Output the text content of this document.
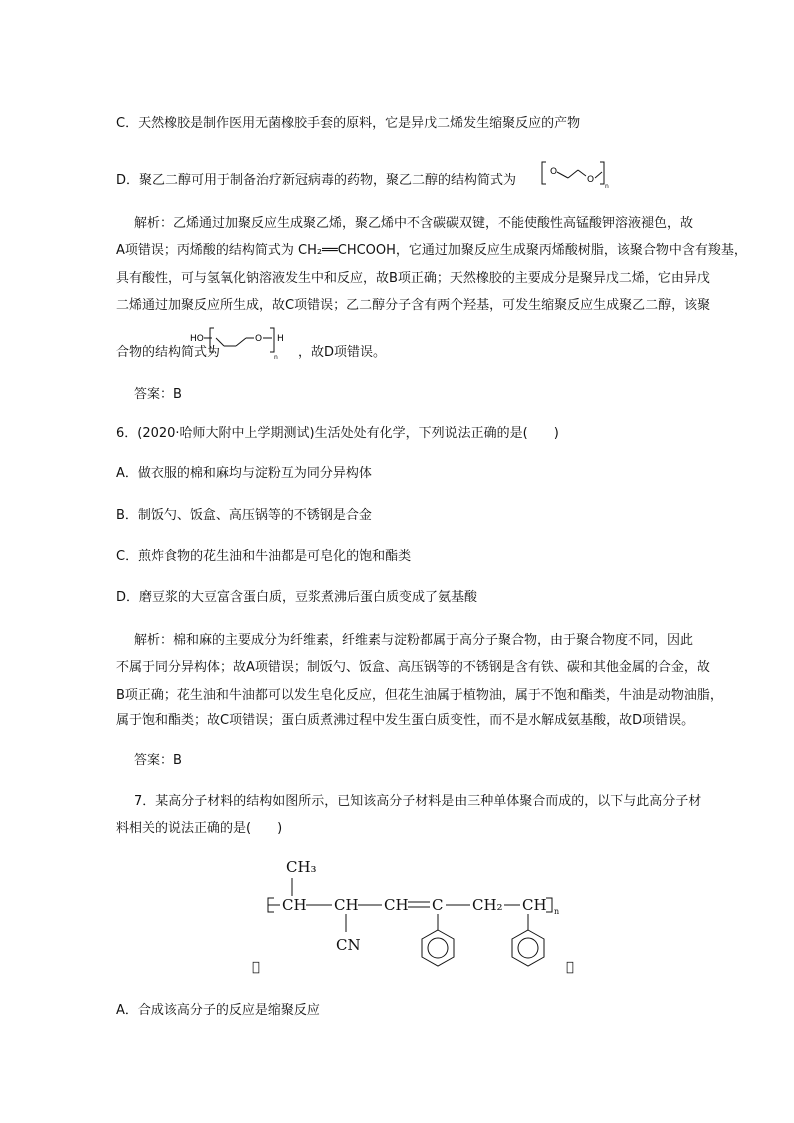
C．天然橡胶是制作医用无菌橡胶手套的原料，它是异戊二烯发生缩聚反应的产物
D．聚乙二醇可用于制备治疗新冠病毒的药物，聚乙二醇的结构简式为
O
O
n
解析：乙烯通过加聚反应生成聚乙烯，聚乙烯中不含碳碳双键，不能使酸性高锰酸钾溶液褪色，故
A项错误；丙烯酸的结构简式为 CH₂══CHCOOH，它通过加聚反应生成聚丙烯酸树脂，该聚合物中含有羧基，
具有酸性，可与氢氧化钠溶液发生中和反应，故B项正确；天然橡胶的主要成分是聚异戊二烯，它由异戊
二烯通过加聚反应所生成，故C项错误；乙二醇分子含有两个羟基，可发生缩聚反应生成聚乙二醇，该聚
合物的结构简式为
HO	O H
n ，故D项错误。
答案：B
6．(2020·哈师大附中上学期测试)生活处处有化学，下列说法正确的是(　　)
A．做衣服的棉和麻均与淀粉互为同分异构体
B．制饭勺、饭盒、高压锅等的不锈钢是合金
C．煎炸食物的花生油和牛油都是可皂化的饱和酯类
D．磨豆浆的大豆富含蛋白质，豆浆煮沸后蛋白质变成了氨基酸
解析：棉和麻的主要成分为纤维素，纤维素与淀粉都属于高分子聚合物，由于聚合物度不同，因此
不属于同分异构体；故A项错误；制饭勺、饭盒、高压锅等的不锈钢是含有铁、碳和其他金属的合金，故
B项正确；花生油和牛油都可以发生皂化反应，但花生油属于植物油，属于不饱和酯类，牛油是动物油脂，
属于饱和酯类；故C项错误；蛋白质煮沸过程中发生蛋白质变性，而不是水解成氨基酸，故D项错误。
答案：B
7．某高分子材料的结构如图所示，已知该高分子材料是由三种单体聚合而成的，以下与此高分子材
料相关的说法正确的是(　　)
CH₃
CH CH
CN
CH C CH₂ CH n
𪵀	𡤹
A．合成该高分子的反应是缩聚反应
